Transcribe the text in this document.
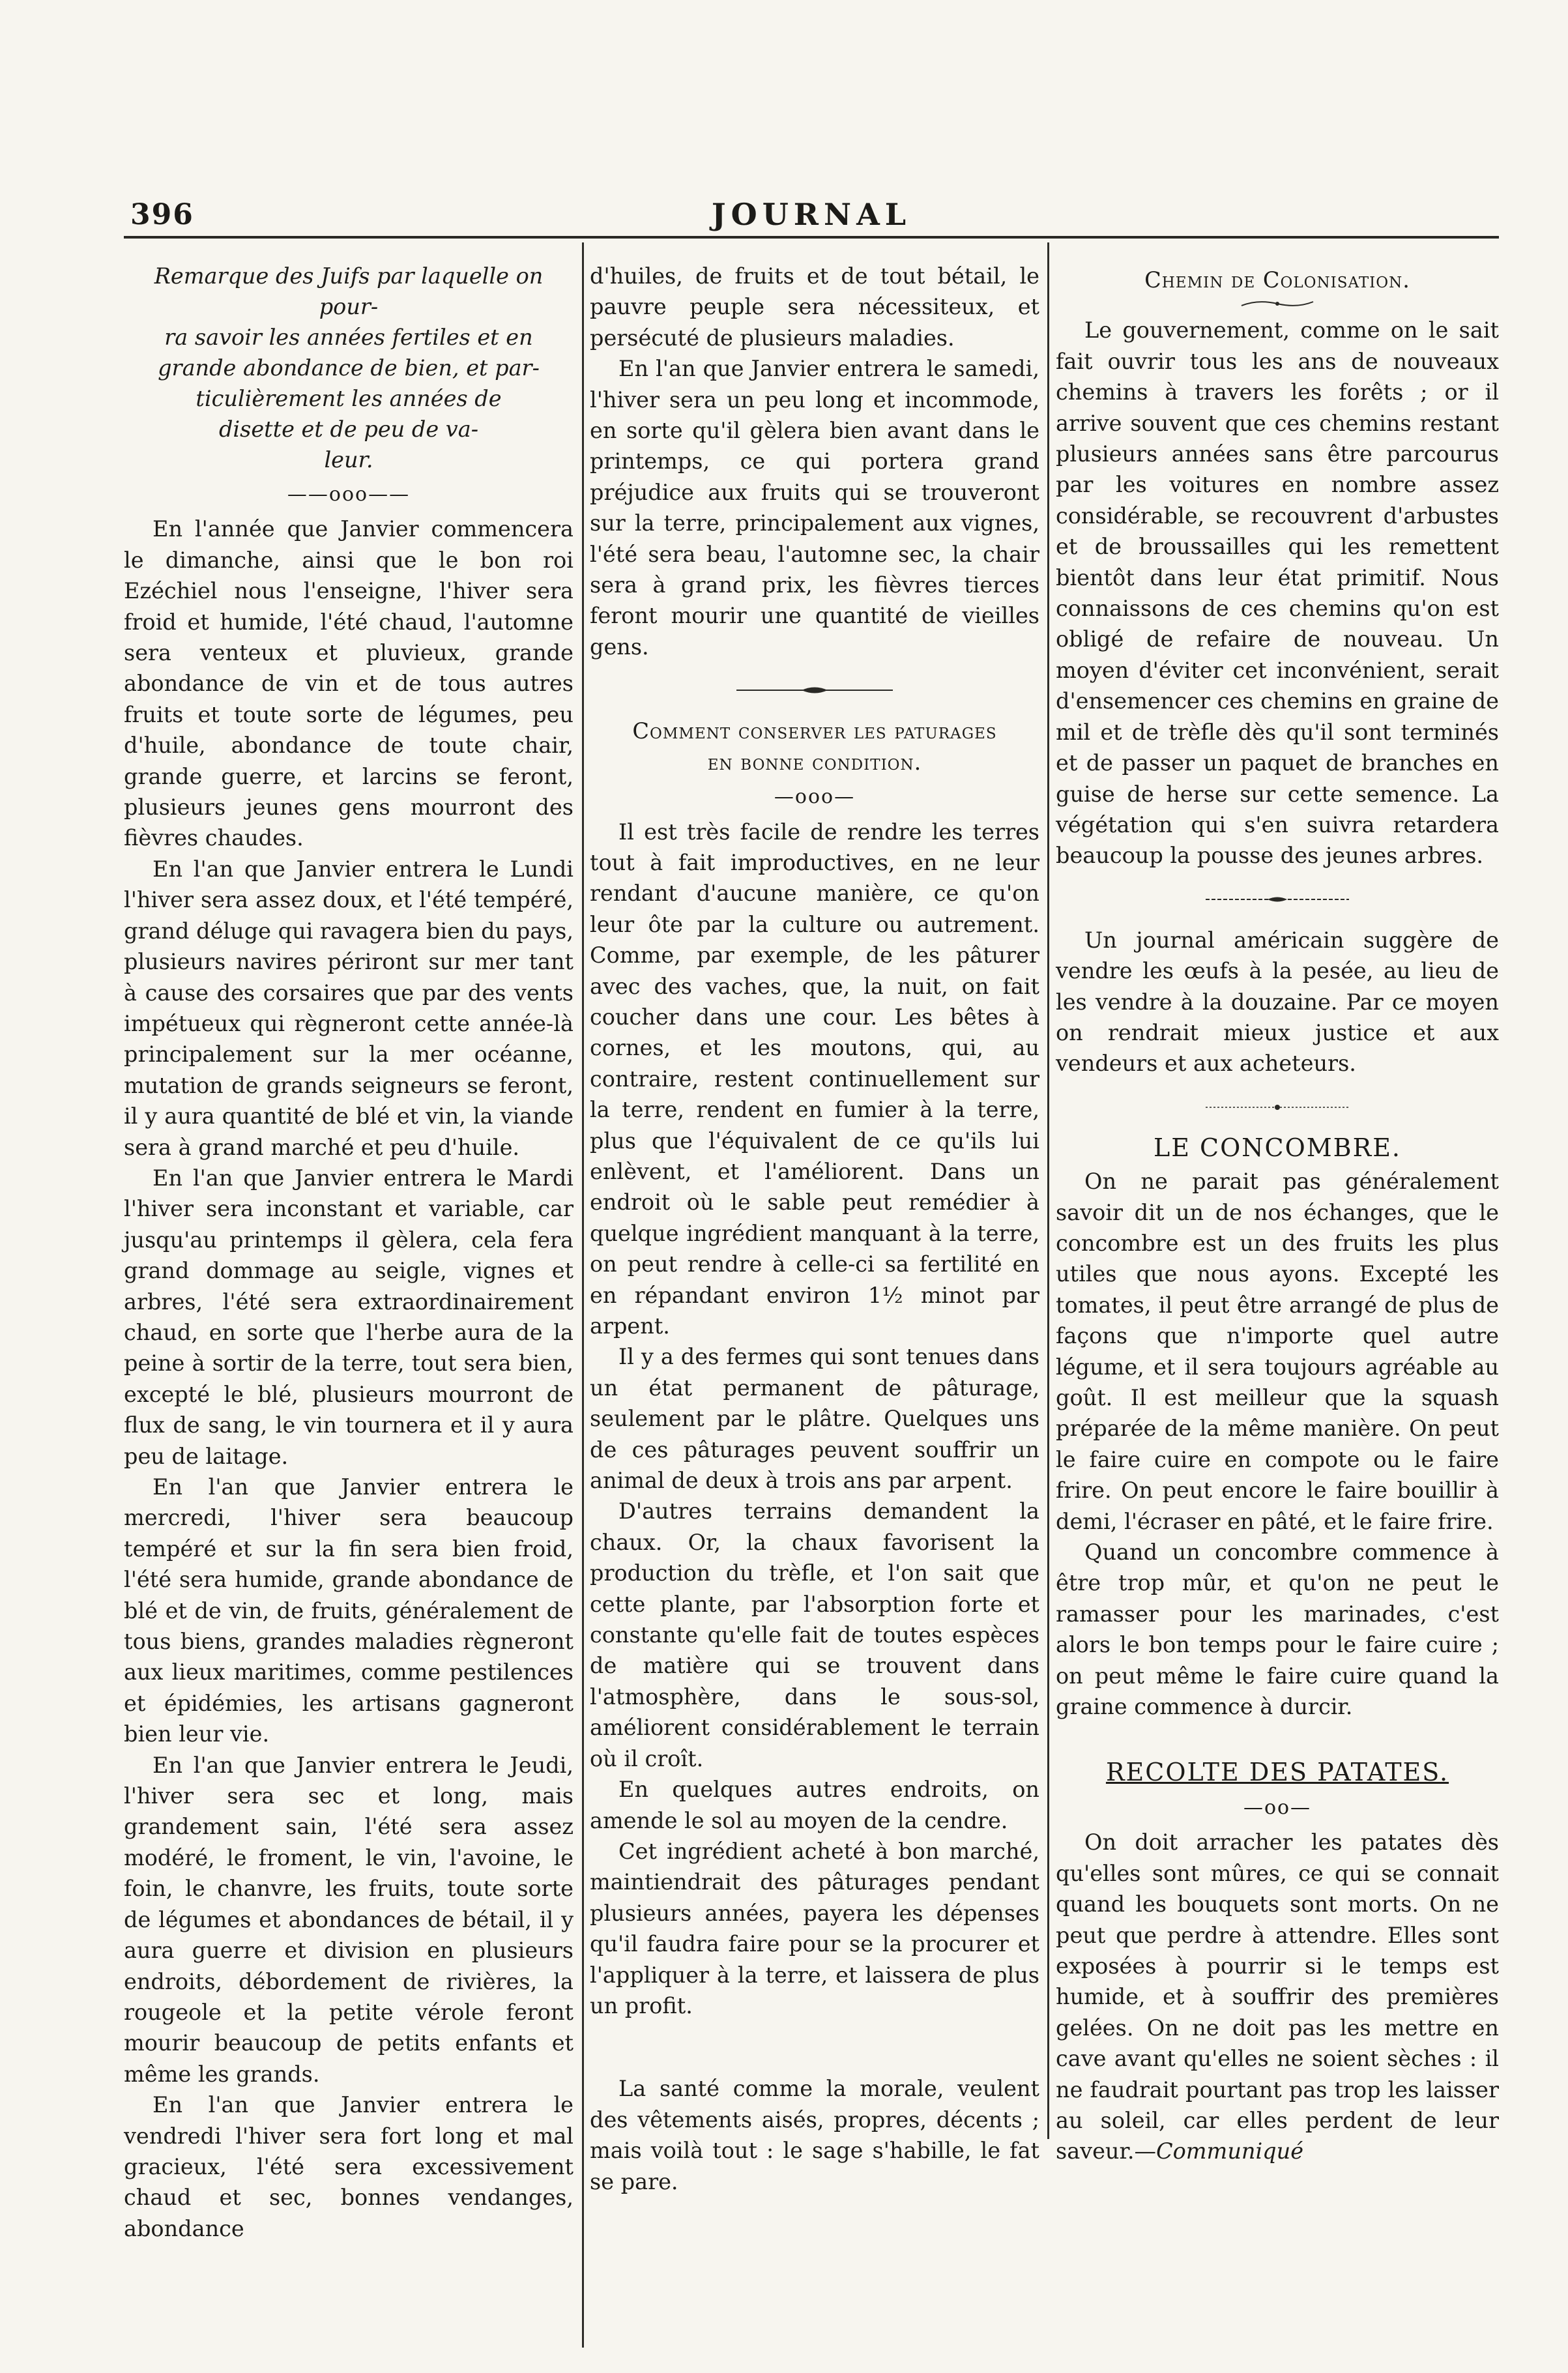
396	JOURNAL
Remarque des Juifs par laquelle on pour-
ra savoir les années fertiles et en
grande abondance de bien, et par-
ticulièrement les années de
disette et de peu de va-
leur.
——ooo——

En l'année que Janvier commencera le dimanche, ainsi que le bon roi Ezéchiel nous l'enseigne, l'hiver sera froid et humide, l'été chaud, l'automne sera venteux et pluvieux, grande abondance de vin et de tous autres fruits et toute sorte de légumes, peu d'huile, abondance de toute chair, grande guerre, et larcins se feront, plusieurs jeunes gens mourront des fièvres chaudes.

En l'an que Janvier entrera le Lundi l'hiver sera assez doux, et l'été tempéré, grand déluge qui ravagera bien du pays, plusieurs navires périront sur mer tant à cause des corsaires que par des vents impétueux qui règneront cette année-là principalement sur la mer océanne, mutation de grands seigneurs se feront, il y aura quantité de blé et vin, la viande sera à grand marché et peu d'huile.

En l'an que Janvier entrera le Mardi l'hiver sera inconstant et variable, car jusqu'au printemps il gèlera, cela fera grand dommage au seigle, vignes et arbres, l'été sera extraordinairement chaud, en sorte que l'herbe aura de la peine à sortir de la terre, tout sera bien, excepté le blé, plusieurs mourront de flux de sang, le vin tournera et il y aura peu de laitage.

En l'an que Janvier entrera le mercredi, l'hiver sera beaucoup tempéré et sur la fin sera bien froid, l'été sera humide, grande abondance de blé et de vin, de fruits, généralement de tous biens, grandes maladies règneront aux lieux maritimes, comme pestilences et épidémies, les artisans gagneront bien leur vie.

En l'an que Janvier entrera le Jeudi, l'hiver sera sec et long, mais grandement sain, l'été sera assez modéré, le froment, le vin, l'avoine, le foin, le chanvre, les fruits, toute sorte de légumes et abondances de bétail, il y aura guerre et division en plusieurs endroits, débordement de rivières, la rougeole et la petite vérole feront mourir beaucoup de petits enfants et même les grands.

En l'an que Janvier entrera le vendredi l'hiver sera fort long et mal gracieux, l'été sera excessivement chaud et sec, bonnes vendanges, abondance

d'huiles, de fruits et de tout bétail, le pauvre peuple sera nécessiteux, et persécuté de plusieurs maladies.

En l'an que Janvier entrera le samedi, l'hiver sera un peu long et incommode, en sorte qu'il gèlera bien avant dans le printemps, ce qui portera grand préjudice aux fruits qui se trouveront sur la terre, principalement aux vignes, l'été sera beau, l'automne sec, la chair sera à grand prix, les fièvres tierces feront mourir une quantité de vieilles gens.

Comment conserver les paturages
en bonne condition.
—ooo—

Il est très facile de rendre les terres tout à fait improductives, en ne leur rendant d'aucune manière, ce qu'on leur ôte par la culture ou autrement. Comme, par exemple, de les pâturer avec des vaches, que, la nuit, on fait coucher dans une cour. Les bêtes à cornes, et les moutons, qui, au contraire, restent continuellement sur la terre, rendent en fumier à la terre, plus que l'équivalent de ce qu'ils lui enlèvent, et l'améliorent. Dans un endroit où le sable peut remédier à quelque ingrédient manquant à la terre, on peut rendre à celle-ci sa fertilité en en répandant environ 1½ minot par arpent.

Il y a des fermes qui sont tenues dans un état permanent de pâturage, seulement par le plâtre. Quelques uns de ces pâturages peuvent souffrir un animal de deux à trois ans par arpent.

D'autres terrains demandent la chaux. Or, la chaux favorisent la production du trèfle, et l'on sait que cette plante, par l'absorption forte et constante qu'elle fait de toutes espèces de matière qui se trouvent dans l'atmosphère, dans le sous-sol, améliorent considérablement le terrain où il croît.

En quelques autres endroits, on amende le sol au moyen de la cendre.

Cet ingrédient acheté à bon marché, maintiendrait des pâturages pendant plusieurs années, payera les dépenses qu'il faudra faire pour se la procurer et l'appliquer à la terre, et laissera de plus un profit.

La santé comme la morale, veulent des vêtements aisés, propres, décents ; mais voilà tout : le sage s'habille, le fat se pare.

Chemin de Colonisation.

Le gouvernement, comme on le sait fait ouvrir tous les ans de nouveaux chemins à travers les forêts ; or il arrive souvent que ces chemins restant plusieurs années sans être parcourus par les voitures en nombre assez considérable, se recouvrent d'arbustes et de broussailles qui les remettent bientôt dans leur état primitif. Nous connaissons de ces chemins qu'on est obligé de refaire de nouveau. Un moyen d'éviter cet inconvénient, serait d'ensemencer ces chemins en graine de mil et de trèfle dès qu'il sont terminés et de passer un paquet de branches en guise de herse sur cette semence. La végétation qui s'en suivra retardera beaucoup la pousse des jeunes arbres.

Un journal américain suggère de vendre les œufs à la pesée, au lieu de les vendre à la douzaine. Par ce moyen on rendrait mieux justice et aux vendeurs et aux acheteurs.

LE CONCOMBRE.

On ne parait pas généralement savoir dit un de nos échanges, que le concombre est un des fruits les plus utiles que nous ayons. Excepté les tomates, il peut être arrangé de plus de façons que n'importe quel autre légume, et il sera toujours agréable au goût. Il est meilleur que la squash préparée de la même manière. On peut le faire cuire en compote ou le faire frire. On peut encore le faire bouillir à demi, l'écraser en pâté, et le faire frire.

Quand un concombre commence à être trop mûr, et qu'on ne peut le ramasser pour les marinades, c'est alors le bon temps pour le faire cuire ; on peut même le faire cuire quand la graine commence à durcir.

RECOLTE DES PATATES.
—oo—

On doit arracher les patates dès qu'elles sont mûres, ce qui se connait quand les bouquets sont morts. On ne peut que perdre à attendre. Elles sont exposées à pourrir si le temps est humide, et à souffrir des premières gelées. On ne doit pas les mettre en cave avant qu'elles ne soient sèches : il ne faudrait pourtant pas trop les laisser au soleil, car elles perdent de leur saveur.—Communiqué
